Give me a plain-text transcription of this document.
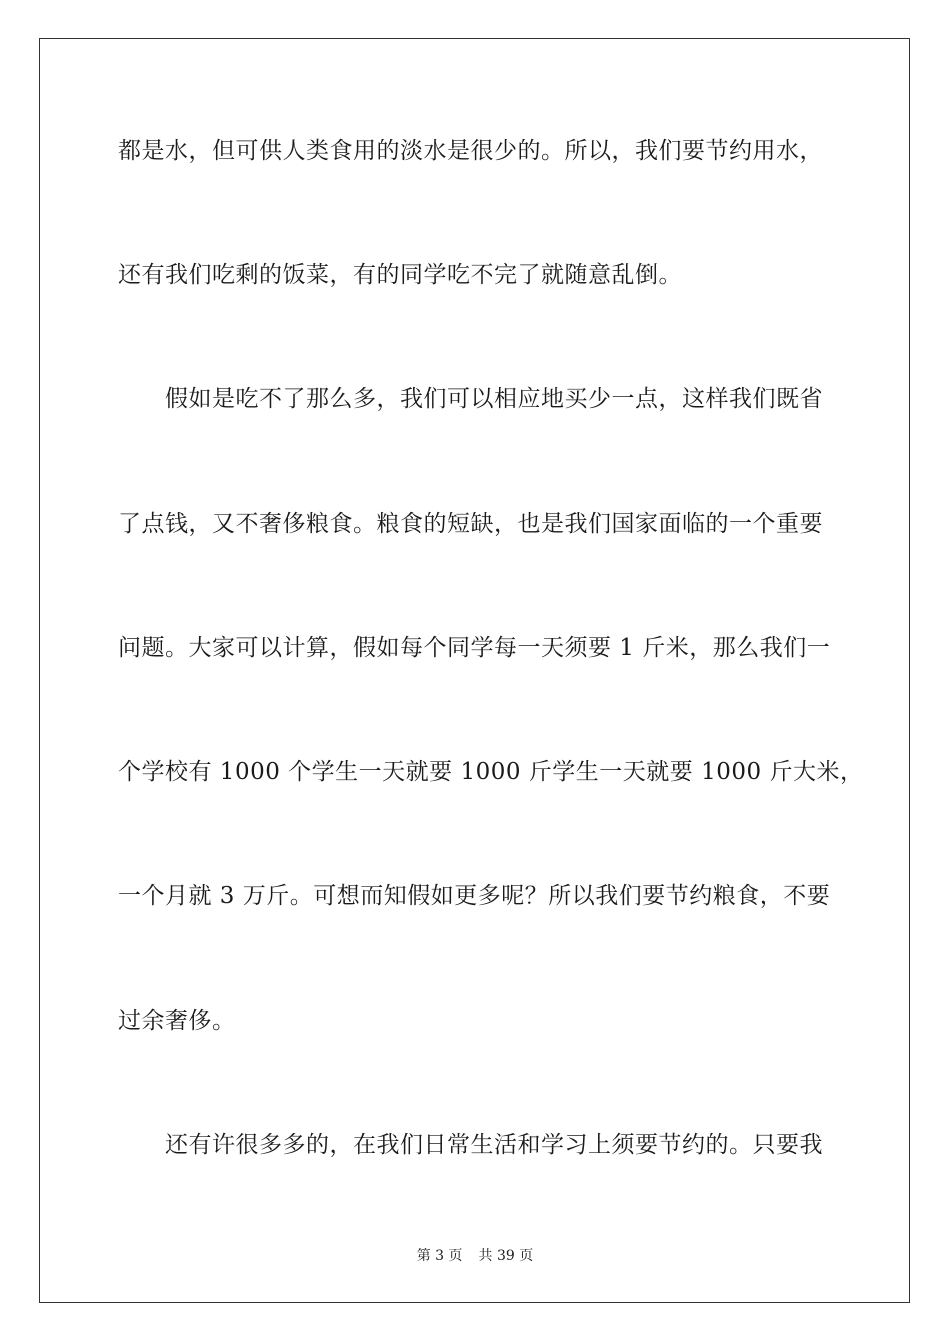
都是水，但可供人类食用的淡水是很少的。所以，我们要节约用水，
还有我们吃剩的饭菜，有的同学吃不完了就随意乱倒。
假如是吃不了那么多，我们可以相应地买少一点，这样我们既省
了点钱，又不奢侈粮食。粮食的短缺，也是我们国家面临的一个重要
问题。大家可以计算，假如每个同学每一天须要 1 斤米，那么我们一
个学校有 1000 个学生一天就要 1000 斤学生一天就要 1000 斤大米，
一个月就 3 万斤。可想而知假如更多呢？所以我们要节约粮食，不要
过余奢侈。
还有许很多多的，在我们日常生活和学习上须要节约的。只要我
第 3 页 共 39 页
